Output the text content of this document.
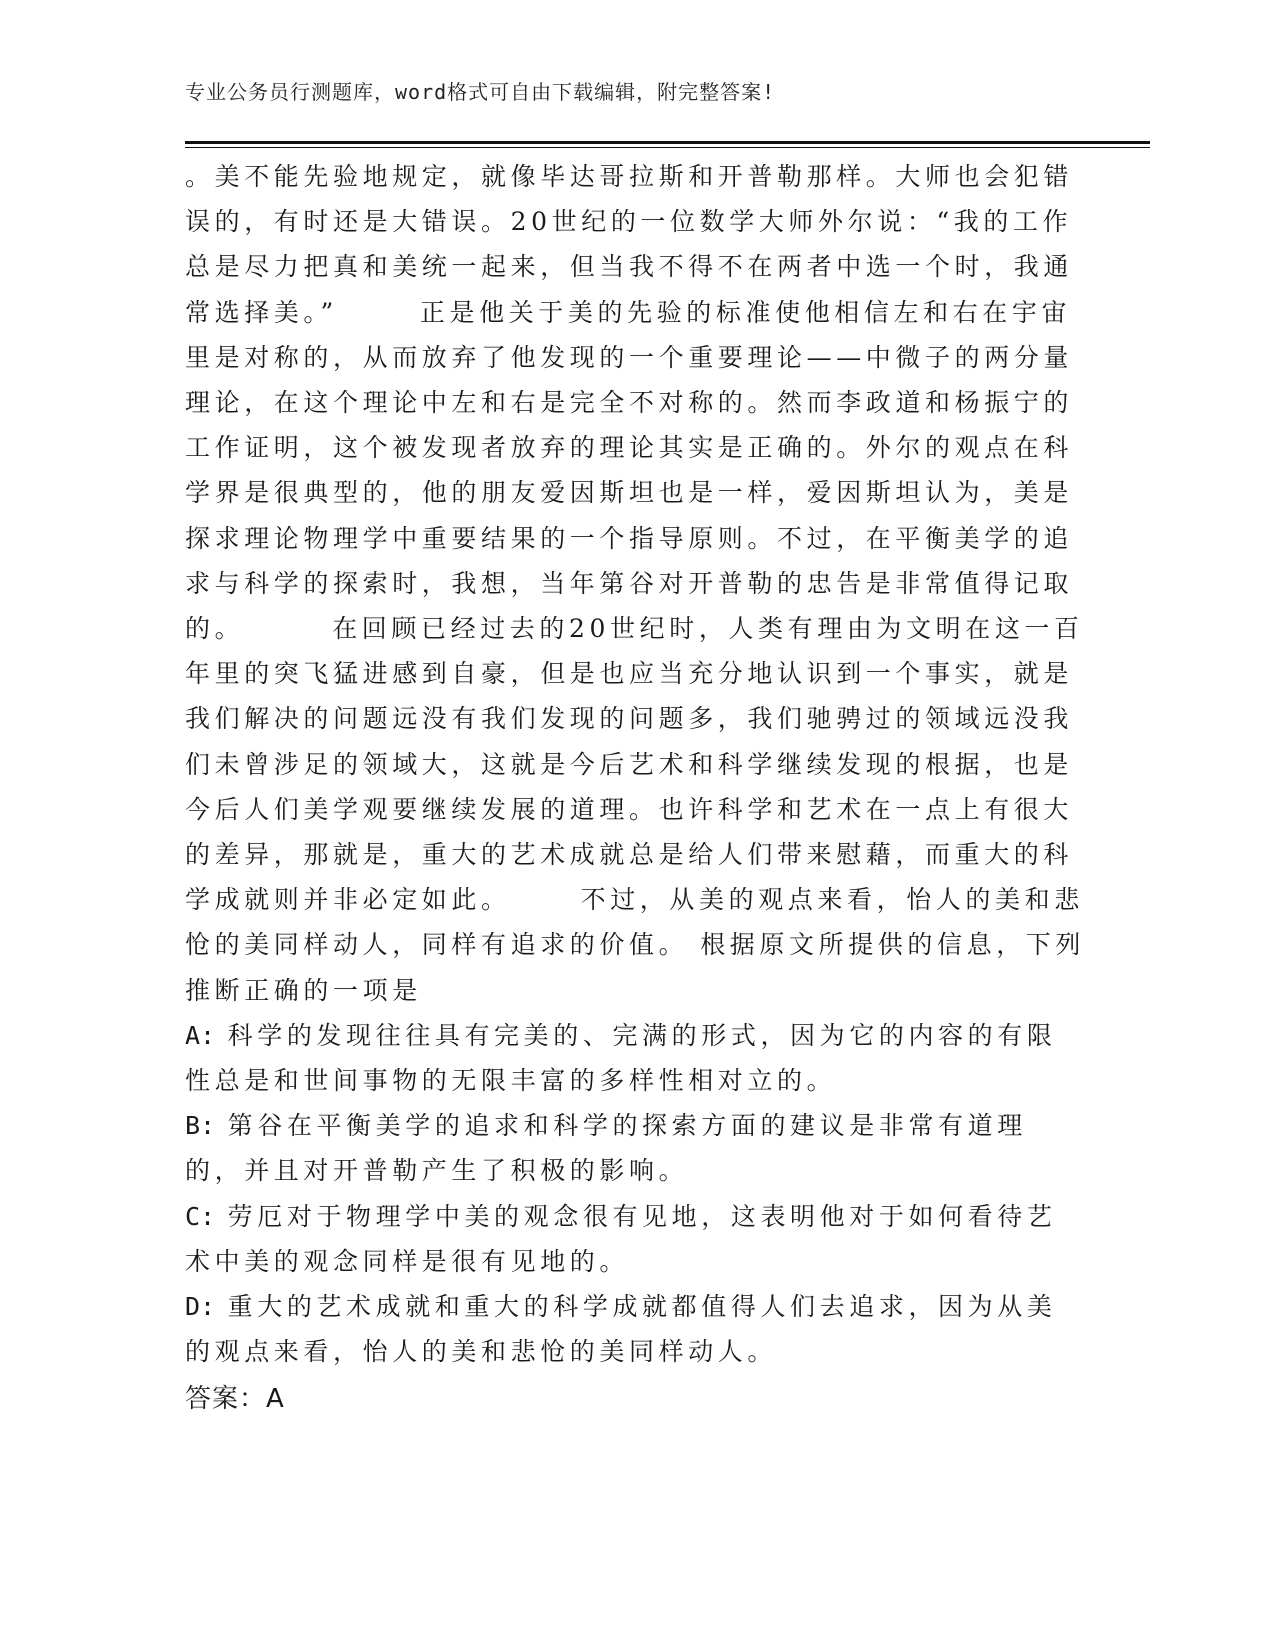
专业公务员行测题库，word格式可自由下载编辑，附完整答案!

。美不能先验地规定，就像毕达哥拉斯和开普勒那样。大师也会犯错误的，有时还是大错误。20世纪的一位数学大师外尔说：“我的工作总是尽力把真和美统一起来，但当我不得不在两者中选一个时，我通常选择美。”	正是他关于美的先验的标准使他相信左和右在宇宙里是对称的，从而放弃了他发现的一个重要理论——中微子的两分量理论，在这个理论中左和右是完全不对称的。然而李政道和杨振宁的工作证明，这个被发现者放弃的理论其实是正确的。外尔的观点在科学界是很典型的，他的朋友爱因斯坦也是一样，爱因斯坦认为，美是探求理论物理学中重要结果的一个指导原则。不过，在平衡美学的追求与科学的探索时，我想，当年第谷对开普勒的忠告是非常值得记取的。	在回顾已经过去的20世纪时，人类有理由为文明在这一百年里的突飞猛进感到自豪，但是也应当充分地认识到一个事实，就是我们解决的问题远没有我们发现的问题多，我们驰骋过的领域远没我们未曾涉足的领域大，这就是今后艺术和科学继续发现的根据，也是今后人们美学观要继续发展的道理。也许科学和艺术在一点上有很大的差异，那就是，重大的艺术成就总是给人们带来慰藉，而重大的科学成就则并非必定如此。	不过，从美的观点来看，怡人的美和悲怆的美同样动人，同样有追求的价值。 根据原文所提供的信息，下列推断正确的一项是

A: 科学的发现往往具有完美的、完满的形式，因为它的内容的有限性总是和世间事物的无限丰富的多样性相对立的。

B: 第谷在平衡美学的追求和科学的探索方面的建议是非常有道理的，并且对开普勒产生了积极的影响。

C: 劳厄对于物理学中美的观念很有见地，这表明他对于如何看待艺术中美的观念同样是很有见地的。

D: 重大的艺术成就和重大的科学成就都值得人们去追求，因为从美的观点来看，怡人的美和悲怆的美同样动人。

答案：A
